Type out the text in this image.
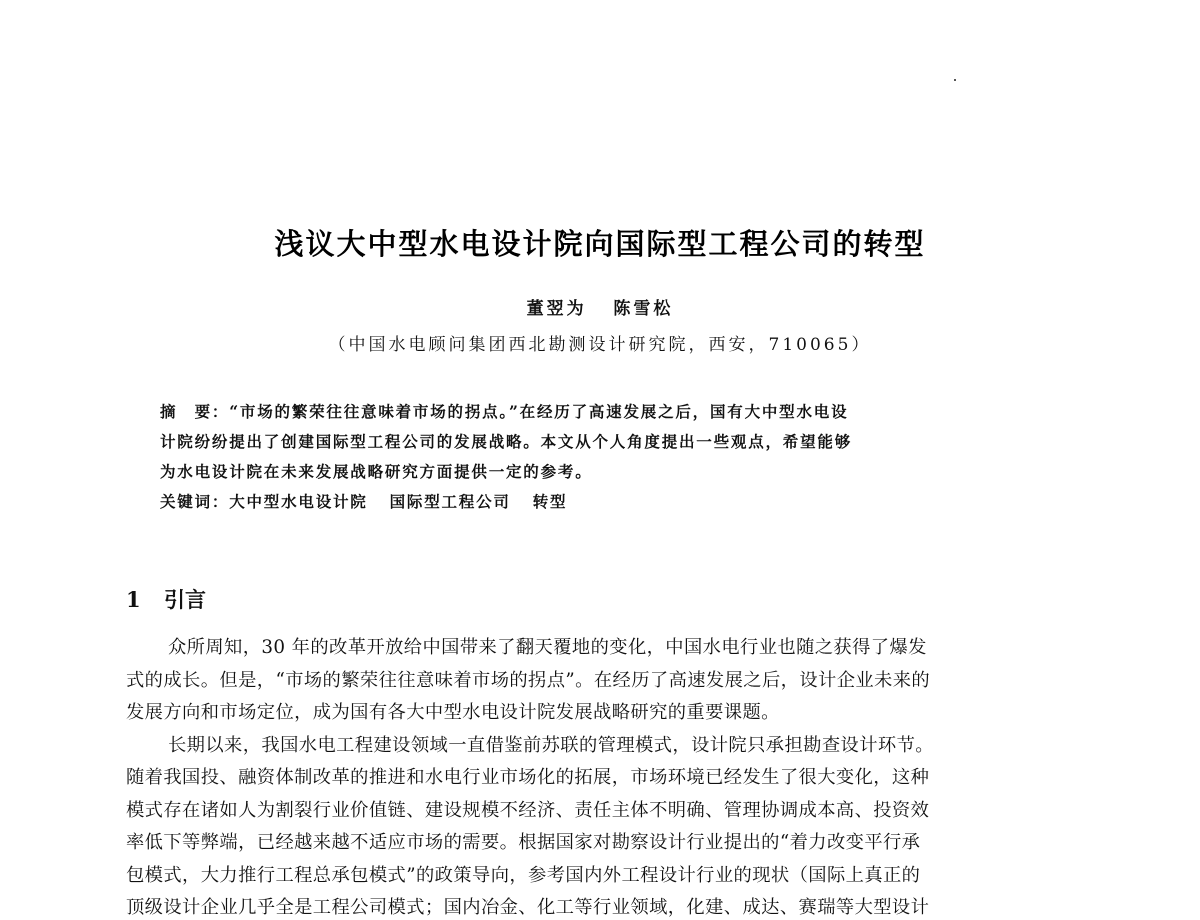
浅议大中型水电设计院向国际型工程公司的转型
董翌为   陈雪松
（中国水电顾问集团西北勘测设计研究院，西安，710065）
摘　要：“市场的繁荣往往意味着市场的拐点。”在经历了高速发展之后，国有大中型水电设
计院纷纷提出了创建国际型工程公司的发展战略。本文从个人角度提出一些观点，希望能够
为水电设计院在未来发展战略研究方面提供一定的参考。
关键词：大中型水电设计院 国际型工程公司 转型
1 引言
众所周知，30 年的改革开放给中国带来了翻天覆地的变化，中国水电行业也随之获得了爆发
式的成长。但是，“市场的繁荣往往意味着市场的拐点”。在经历了高速发展之后，设计企业未来的
发展方向和市场定位，成为国有各大中型水电设计院发展战略研究的重要课题。
长期以来，我国水电工程建设领域一直借鉴前苏联的管理模式，设计院只承担勘查设计环节。
随着我国投、融资体制改革的推进和水电行业市场化的拓展，市场环境已经发生了很大变化，这种
模式存在诸如人为割裂行业价值链、建设规模不经济、责任主体不明确、管理协调成本高、投资效
率低下等弊端，已经越来越不适应市场的需要。根据国家对勘察设计行业提出的“着力改变平行承
包模式，大力推行工程总承包模式”的政策导向，参考国内外工程设计行业的现状（国际上真正的
顶级设计企业几乎全是工程公司模式；国内冶金、化工等行业领域，化建、成达、赛瑞等大型设计
